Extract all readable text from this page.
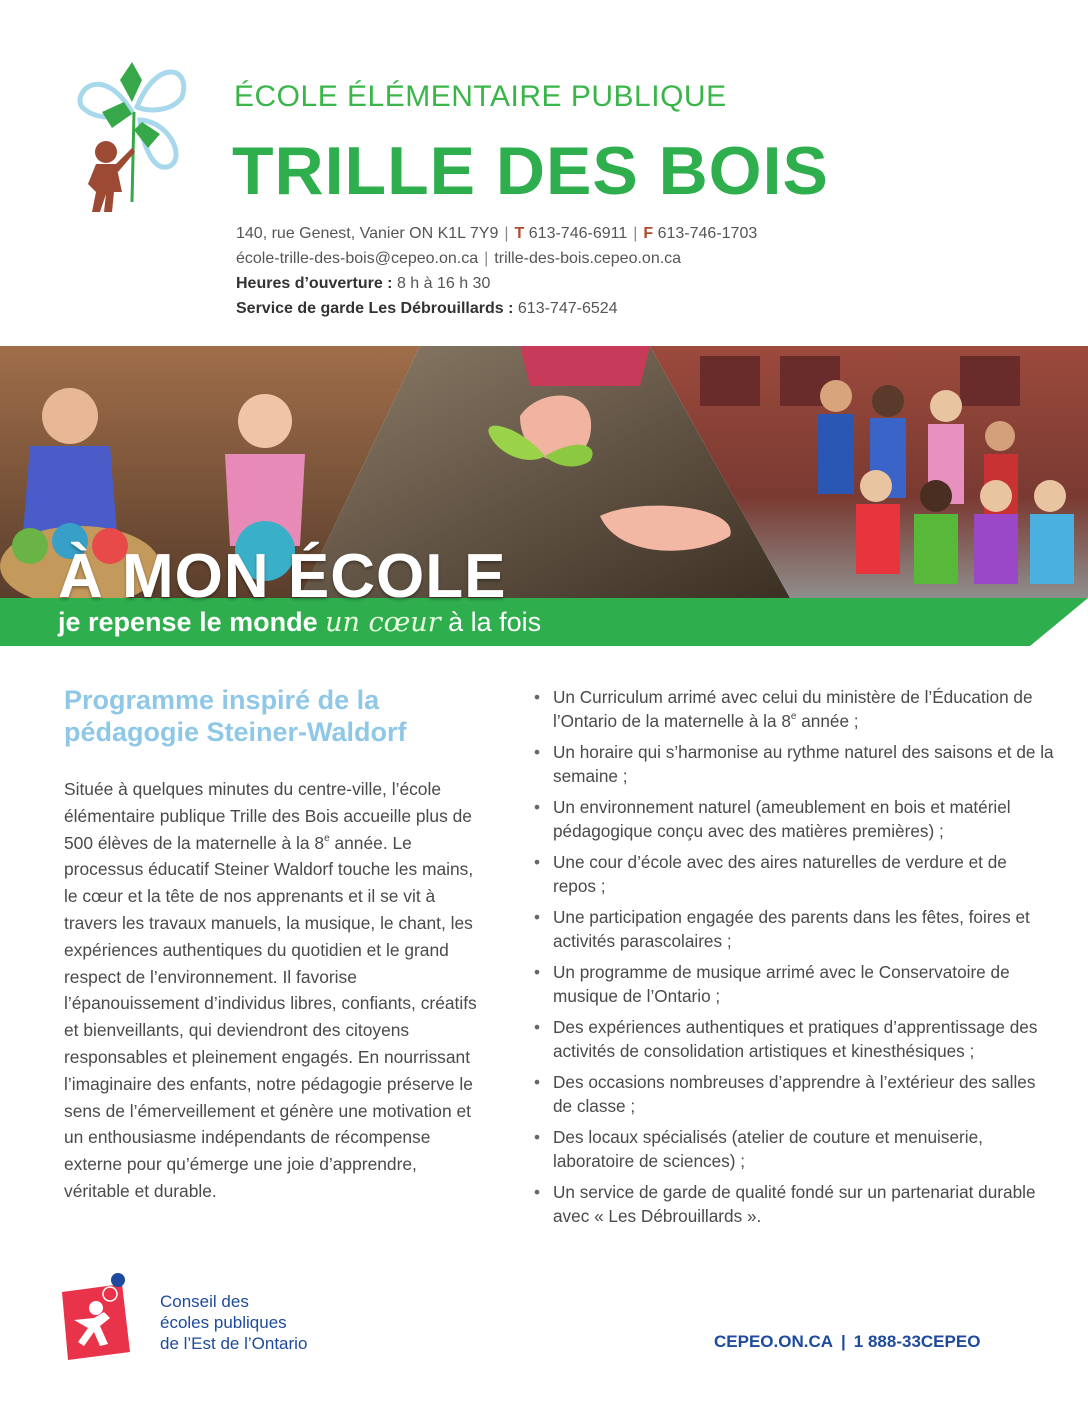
ÉCOLE ÉLÉMENTAIRE PUBLIQUE
TRILLE DES BOIS
140, rue Genest, Vanier ON K1L 7Y9 | T 613-746-6911 | F 613-746-1703
école-trille-des-bois@cepeo.on.ca | trille-des-bois.cepeo.on.ca
Heures d’ouverture : 8 h à 16 h 30
Service de garde Les Débrouillards : 613-747-6524
À MON ÉCOLE
je repense le monde un cœur à la fois
Programme inspiré de la pédagogie Steiner-Waldorf
Située à quelques minutes du centre-ville, l’école élémentaire publique Trille des Bois accueille plus de 500 élèves de la maternelle à la 8e année. Le processus éducatif Steiner Waldorf touche les mains, le cœur et la tête de nos apprenants et il se vit à travers les travaux manuels, la musique, le chant, les expériences authentiques du quotidien et le grand respect de l’environnement. Il favorise l’épanouissement d’individus libres, confiants, créatifs et bienveillants, qui deviendront des citoyens responsables et pleinement engagés. En nourrissant l’imaginaire des enfants, notre pédagogie préserve le sens de l’émerveillement et génère une motivation et un enthousiasme indépendants de récompense externe pour qu’émerge une joie d’apprendre, véritable et durable.
• Un Curriculum arrimé avec celui du ministère de l’Éducation de l’Ontario de la maternelle à la 8e année ;
• Un horaire qui s’harmonise au rythme naturel des saisons et de la semaine ;
• Un environnement naturel (ameublement en bois et matériel pédagogique conçu avec des matières premières) ;
• Une cour d’école avec des aires naturelles de verdure et de repos ;
• Une participation engagée des parents dans les fêtes, foires et activités parascolaires ;
• Un programme de musique arrimé avec le Conservatoire de musique de l’Ontario ;
• Des expériences authentiques et pratiques d’apprentissage des activités de consolidation artistiques et kinesthésiques ;
• Des occasions nombreuses d’apprendre à l’extérieur des salles de classe ;
• Des locaux spécialisés (atelier de couture et menuiserie, laboratoire de sciences) ;
• Un service de garde de qualité fondé sur un partenariat durable avec « Les Débrouillards ».
Conseil des
écoles publiques
de l’Est de l’Ontario	CEPEO.ON.CA | 1 888-33CEPEO
